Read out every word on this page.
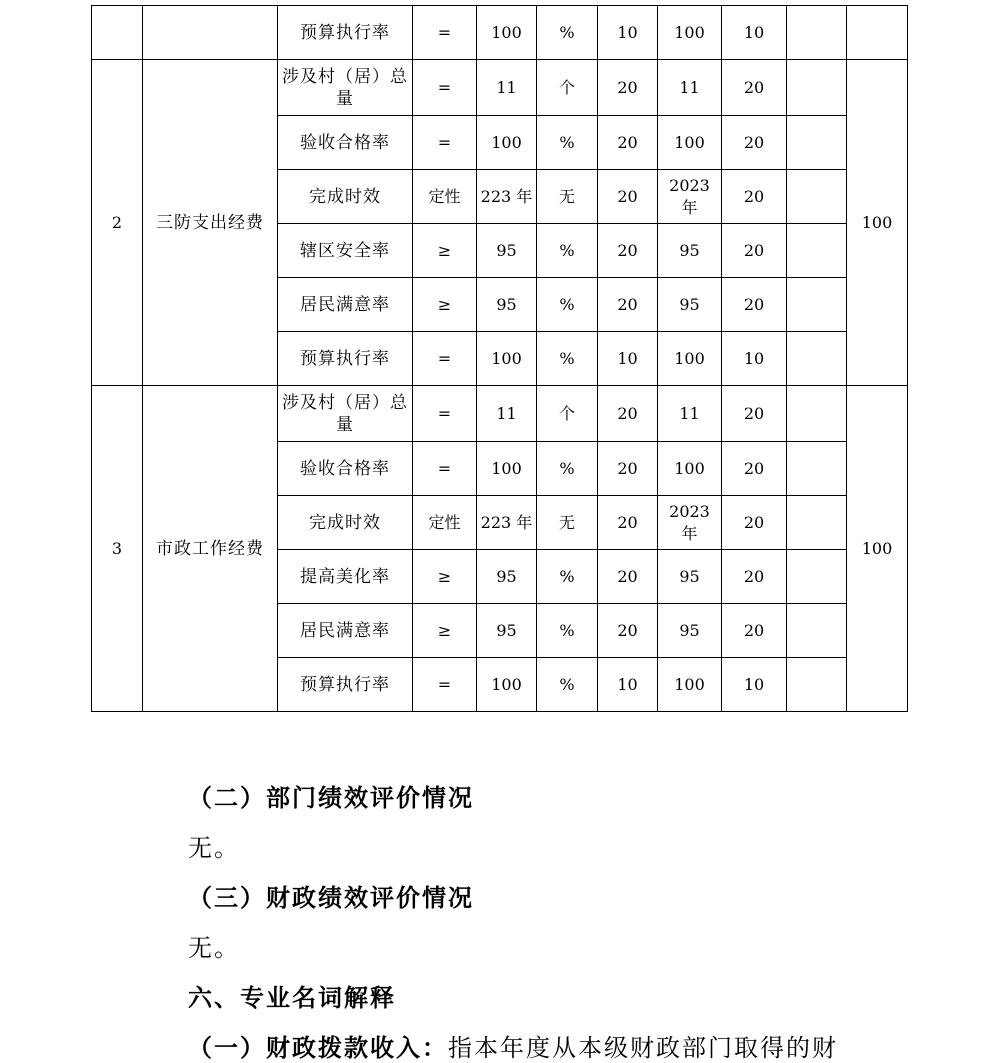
		预算执行率	=	100	%	10	100	10		
2	三防支出经费	涉及村（居）总量	=	11	个	20	11	20		100
		验收合格率	=	100	%	20	100	20		
		完成时效	定性	223 年	无	20	2023 年	20		
		辖区安全率	≥	95	%	20	95	20		
		居民满意率	≥	95	%	20	95	20		
		预算执行率	=	100	%	10	100	10		
3	市政工作经费	涉及村（居）总量	=	11	个	20	11	20		100
		验收合格率	=	100	%	20	100	20		
		完成时效	定性	223 年	无	20	2023 年	20		
		提高美化率	≥	95	%	20	95	20		
		居民满意率	≥	95	%	20	95	20		
		预算执行率	=	100	%	10	100	10		
（二）部门绩效评价情况
无。
（三）财政绩效评价情况
无。
六、专业名词解释
（一）财政拨款收入：指本年度从本级财政部门取得的财
